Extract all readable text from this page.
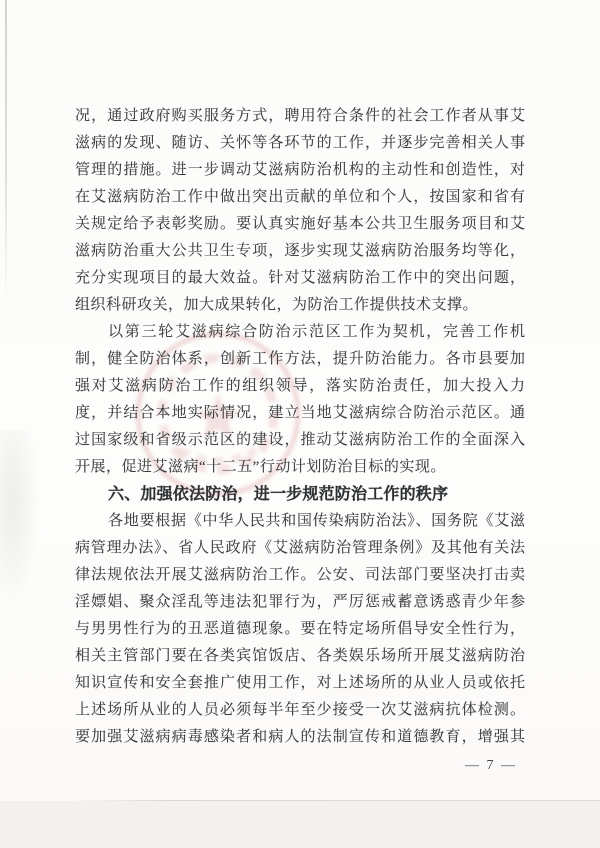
况，通过政府购买服务方式，聘用符合条件的社会工作者从事艾
滋病的发现、随访、关怀等各环节的工作，并逐步完善相关人事
管理的措施。进一步调动艾滋病防治机构的主动性和创造性，对
在艾滋病防治工作中做出突出贡献的单位和个人，按国家和省有
关规定给予表彰奖励。要认真实施好基本公共卫生服务项目和艾
滋病防治重大公共卫生专项，逐步实现艾滋病防治服务均等化，
充分实现项目的最大效益。针对艾滋病防治工作中的突出问题，
组织科研攻关，加大成果转化，为防治工作提供技术支撑。
以第三轮艾滋病综合防治示范区工作为契机，完善工作机
制，健全防治体系，创新工作方法，提升防治能力。各市县要加
强对艾滋病防治工作的组织领导，落实防治责任，加大投入力
度，并结合本地实际情况，建立当地艾滋病综合防治示范区。通
过国家级和省级示范区的建设，推动艾滋病防治工作的全面深入
开展，促进艾滋病“十二五”行动计划防治目标的实现。
六、加强依法防治，进一步规范防治工作的秩序
各地要根据《中华人民共和国传染病防治法》、国务院《艾滋
病管理办法》、省人民政府《艾滋病防治管理条例》及其他有关法
律法规依法开展艾滋病防治工作。公安、司法部门要坚决打击卖
淫嫖娼、聚众淫乱等违法犯罪行为，严厉惩戒蓄意诱惑青少年参
与男男性行为的丑恶道德现象。要在特定场所倡导安全性行为，
相关主管部门要在各类宾馆饭店、各类娱乐场所开展艾滋病防治
知识宣传和安全套推广使用工作，对上述场所的从业人员或依托
上述场所从业的人员必须每半年至少接受一次艾滋病抗体检测。
要加强艾滋病病毒感染者和病人的法制宣传和道德教育，增强其
— 7 —
